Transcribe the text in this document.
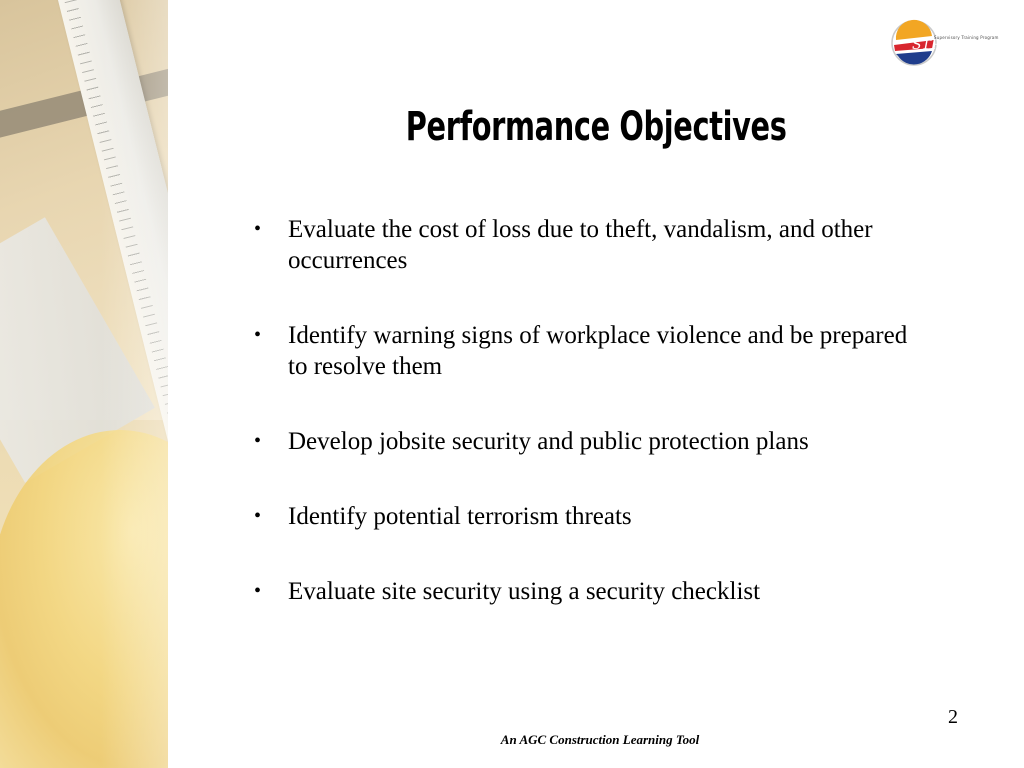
STP
Supervisory Training Program
Performance Objectives
• Evaluate the cost of loss due to theft, vandalism, and other occurrences
• Identify warning signs of workplace violence and be prepared to resolve them
• Develop jobsite security and public protection plans
• Identify potential terrorism threats
• Evaluate site security using a security checklist
2
An AGC Construction Learning Tool
